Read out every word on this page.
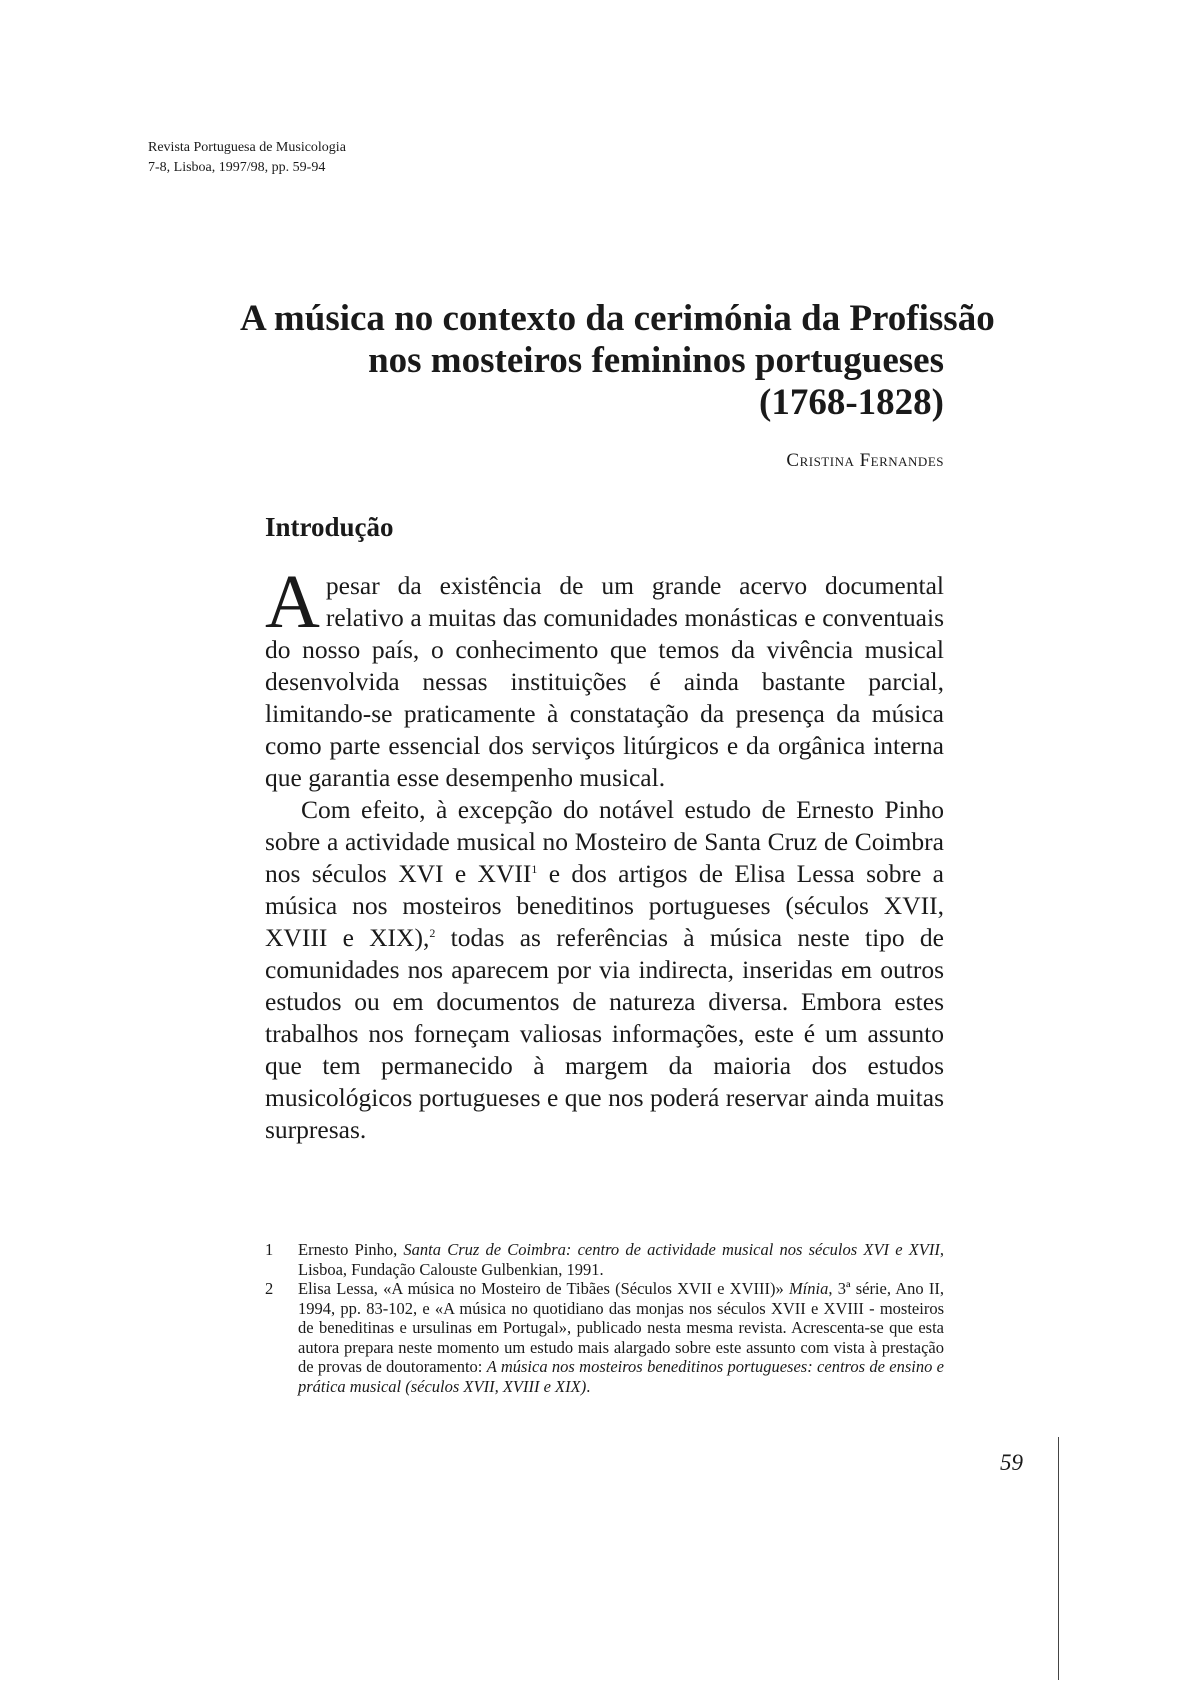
Revista Portuguesa de Musicologia
7-8, Lisboa, 1997/98, pp. 59-94
A música no contexto da cerimónia da Profissão
nos mosteiros femininos portugueses
(1768-1828)
Cristina Fernandes
Introdução

Apesar da existência de um grande acervo documental relativo a muitas das comunidades monásticas e conventuais do nosso país, o conhecimento que temos da vivência musical desenvolvida nessas instituições é ainda bastante parcial, limitando-se praticamente à constatação da presença da música como parte essencial dos serviços litúrgicos e da orgânica interna que garantia esse desempenho musical.

Com efeito, à excepção do notável estudo de Ernesto Pinho sobre a actividade musical no Mosteiro de Santa Cruz de Coimbra nos séculos XVI e XVII$^1$ e dos artigos de Elisa Lessa sobre a música nos mosteiros beneditinos portugueses (séculos XVII, XVIII e XIX),$^2$ todas as referências à música neste tipo de comunidades nos aparecem por via indirecta, inseridas em outros estudos ou em documentos de natureza diversa. Embora estes trabalhos nos forneçam valiosas informações, este é um assunto que tem permanecido à margem da maioria dos estudos musicológicos portugueses e que nos poderá reservar ainda muitas surpresas.

1 Ernesto Pinho, Santa Cruz de Coimbra: centro de actividade musical nos séculos XVI e XVII, Lisboa, Fundação Calouste Gulbenkian, 1991.
2 Elisa Lessa, «A música no Mosteiro de Tibães (Séculos XVII e XVIII)» Mínia, 3ª série, Ano II, 1994, pp. 83-102, e «A música no quotidiano das monjas nos séculos XVII e XVIII - mosteiros de beneditinas e ursulinas em Portugal», publicado nesta mesma revista. Acrescenta-se que esta autora prepara neste momento um estudo mais alargado sobre este assunto com vista à prestação de provas de doutoramento: A música nos mosteiros beneditinos portugueses: centros de ensino e prática musical (séculos XVII, XVIII e XIX).
59
